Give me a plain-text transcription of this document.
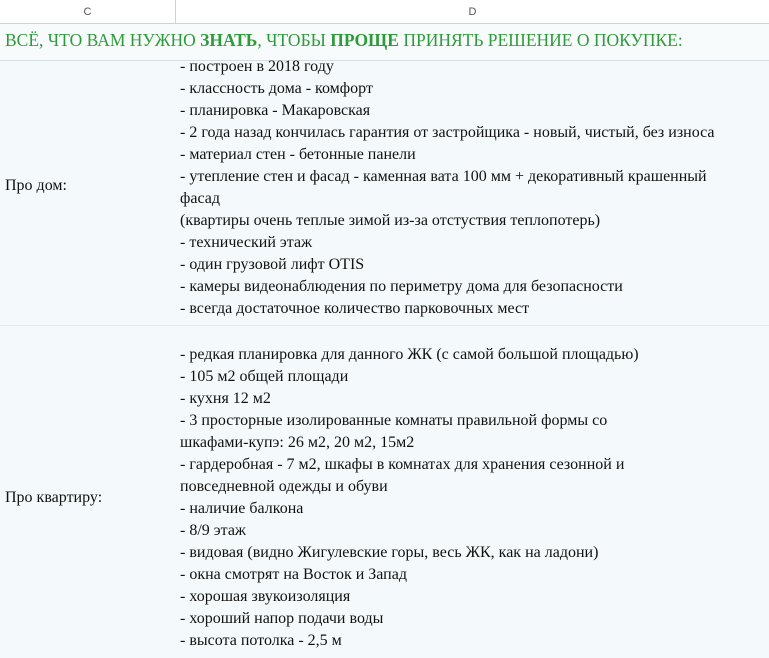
C	D
ВСЁ, ЧТО ВАМ НУЖНО ЗНАТЬ, ЧТОБЫ ПРОЩЕ ПРИНЯТЬ РЕШЕНИЕ О ПОКУПКЕ:
Про дом:
- построен в 2018 году
- классность дома - комфорт
- планировка - Макаровская
- 2 года назад кончилась гарантия от застройщика - новый, чистый, без износа
- материал стен - бетонные панели
- утепление стен и фасад - каменная вата 100 мм + декоративный крашенный
фасад
(квартиры очень теплые зимой из-за отстуствия теплопотерь)
- технический этаж
- один грузовой лифт OTIS
- камеры видеонаблюдения по периметру дома для безопасности
- всегда достаточное количество парковочных мест
Про квартиру:
- редкая планировка для данного ЖК (с самой большой площадью)
- 105 м2 общей площади
- кухня 12 м2
- 3 просторные изолированные комнаты правильной формы со
шкафами-купэ: 26 м2, 20 м2, 15м2
- гардеробная - 7 м2, шкафы в комнатах для хранения сезонной и
повседневной одежды и обуви
- наличие балкона
- 8/9 этаж
- видовая (видно Жигулевские горы, весь ЖК, как на ладони)
- окна смотрят на Восток и Запад
- хорошая звукоизоляция
- хороший напор подачи воды
- высота потолка - 2,5 м
